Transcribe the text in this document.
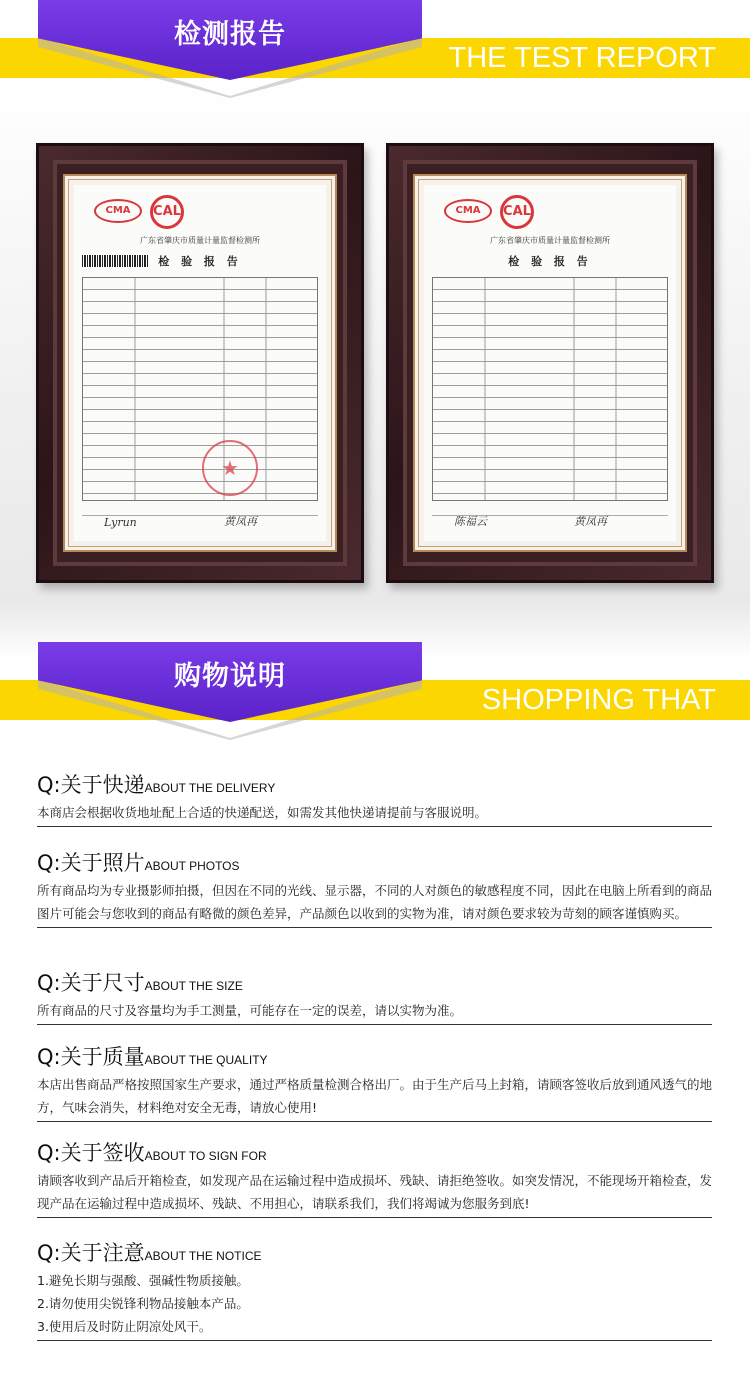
检测报告
THE TEST REPORT
CMA	CAL
广东省肇庆市质量计量监督检测所
检 验 报 告
★
Lyrun	黄凤再
CMA	CAL
广东省肇庆市质量计量监督检测所
检 验 报 告
陈福云	黄凤再
购物说明
SHOPPING THAT
Q:关于快递ABOUT THE DELIVERY
本商店会根据收货地址配上合适的快递配送，如需发其他快递请提前与客服说明。
Q:关于照片ABOUT PHOTOS
所有商品均为专业摄影师拍摄，但因在不同的光线、显示器，不同的人对颜色的敏感程度不同，因此在电脑上所看到的商品图片可能会与您收到的商品有略微的颜色差异，产品颜色以收到的实物为准，请对颜色要求较为苛刻的顾客谨慎购买。
Q:关于尺寸ABOUT THE SIZE
所有商品的尺寸及容量均为手工测量，可能存在一定的误差，请以实物为准。
Q:关于质量ABOUT THE QUALITY
本店出售商品严格按照国家生产要求，通过严格质量检测合格出厂。由于生产后马上封箱，请顾客签收后放到通风透气的地方，气味会消失，材料绝对安全无毒，请放心使用!
Q:关于签收ABOUT TO SIGN FOR
请顾客收到产品后开箱检查，如发现产品在运输过程中造成损坏、残缺、请拒绝签收。如突发情况，不能现场开箱检查，发现产品在运输过程中造成损坏、残缺、不用担心，请联系我们，我们将竭诚为您服务到底!
Q:关于注意ABOUT THE NOTICE
1.避免长期与强酸、强碱性物质接触。
2.请勿使用尖锐锋利物品接触本产品。
3.使用后及时防止阴凉处风干。
